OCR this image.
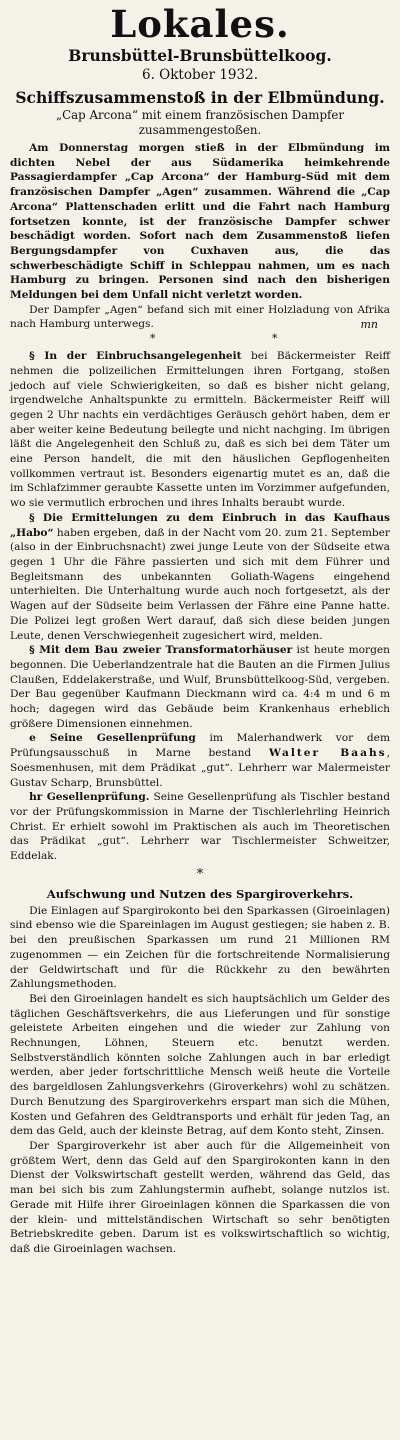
Lokales.
Brunsbüttel-Brunsbüttelkoog.
6. Oktober 1932.
Schiffszusammenstoß in der Elbmündung.
„Cap Arcona“ mit einem französischen Dampfer zusammengestoßen.

Am Donnerstag morgen stieß in der Elbmündung im dichten Nebel der aus Südamerika heimkehrende Passagierdampfer „Cap Arcona“ der Hamburg-Süd mit dem französischen Dampfer „Agen“ zusammen. Während die „Cap Arcona“ Plattenschaden erlitt und die Fahrt nach Hamburg fortsetzen konnte, ist der französische Dampfer schwer beschädigt worden. Sofort nach dem Zusammenstoß liefen Bergungsdampfer von Cuxhaven aus, die das schwerbeschädigte Schiff in Schleppau nahmen, um es nach Hamburg zu bringen. Personen sind nach den bisherigen Meldungen bei dem Unfall nicht verletzt worden.

Der Dampfer „Agen“ befand sich mit einer Holzladung von Afrika nach Hamburg unterwegs.

*	*
mn

§ In der Einbruchsangelegenheit bei Bäckermeister Reiff nehmen die polizeilichen Ermittelungen ihren Fortgang, stoßen jedoch auf viele Schwierigkeiten, so daß es bisher nicht gelang, irgendwelche Anhaltspunkte zu ermitteln. Bäckermeister Reiff will gegen 2 Uhr nachts ein verdächtiges Geräusch gehört haben, dem er aber weiter keine Bedeutung beilegte und nicht nachging. Im übrigen läßt die Angelegenheit den Schluß zu, daß es sich bei dem Täter um eine Person handelt, die mit den häuslichen Gepflogenheiten vollkommen vertraut ist. Besonders eigenartig mutet es an, daß die im Schlafzimmer geraubte Kassette unten im Vorzimmer aufgefunden, wo sie vermutlich erbrochen und ihres Inhalts beraubt wurde.

§ Die Ermittelungen zu dem Einbruch in das Kaufhaus „Habo“ haben ergeben, daß in der Nacht vom 20. zum 21. September (also in der Einbruchsnacht) zwei junge Leute von der Südseite etwa gegen 1 Uhr die Fähre passierten und sich mit dem Führer und Begleitsmann des unbekannten Goliath-Wagens eingehend unterhielten. Die Unterhaltung wurde auch noch fortgesetzt, als der Wagen auf der Südseite beim Verlassen der Fähre eine Panne hatte. Die Polizei legt großen Wert darauf, daß sich diese beiden jungen Leute, denen Verschwiegenheit zugesichert wird, melden.

§ Mit dem Bau zweier Transformatorhäuser ist heute morgen begonnen. Die Ueberlandzentrale hat die Bauten an die Firmen Julius Claußen, Eddelakerstraße, und Wulf, Brunsbüttelkoog-Süd, vergeben. Der Bau gegenüber Kaufmann Dieckmann wird ca. 4:4 m und 6 m hoch; dagegen wird das Gebäude beim Krankenhaus erheblich größere Dimensionen einnehmen.

e Seine Gesellenprüfung im Malerhandwerk vor dem Prüfungsausschuß in Marne bestand Walter Baahs, Soesmenhusen, mit dem Prädikat „gut“. Lehrherr war Malermeister Gustav Scharp, Brunsbüttel.

hr Gesellenprüfung. Seine Gesellenprüfung als Tischler bestand vor der Prüfungskommission in Marne der Tischlerlehrling Heinrich Christ. Er erhielt sowohl im Praktischen als auch im Theoretischen das Prädikat „gut“. Lehrherr war Tischlermeister Schweitzer, Eddelak.

*
Aufschwung und Nutzen des Spargiroverkehrs.

Die Einlagen auf Spargirokonto bei den Sparkassen (Giroeinlagen) sind ebenso wie die Spareinlagen im August gestiegen; sie haben z. B. bei den preußischen Sparkassen um rund 21 Millionen RM zugenommen — ein Zeichen für die fortschreitende Normalisierung der Geldwirtschaft und für die Rückkehr zu den bewährten Zahlungsmethoden.

Bei den Giroeinlagen handelt es sich hauptsächlich um Gelder des täglichen Geschäftsverkehrs, die aus Lieferungen und für sonstige geleistete Arbeiten eingehen und die wieder zur Zahlung von Rechnungen, Löhnen, Steuern etc. benutzt werden. Selbstverständlich könnten solche Zahlungen auch in bar erledigt werden, aber jeder fortschrittliche Mensch weiß heute die Vorteile des bargeldlosen Zahlungsverkehrs (Giroverkehrs) wohl zu schätzen. Durch Benutzung des Spargiroverkehrs erspart man sich die Mühen, Kosten und Gefahren des Geldtransports und erhält für jeden Tag, an dem das Geld, auch der kleinste Betrag, auf dem Konto steht, Zinsen.

Der Spargiroverkehr ist aber auch für die Allgemeinheit von größtem Wert, denn das Geld auf den Spargirokonten kann in den Dienst der Volkswirtschaft gestellt werden, während das Geld, das man bei sich bis zum Zahlungstermin aufhebt, solange nutzlos ist. Gerade mit Hilfe ihrer Giroeinlagen können die Sparkassen die von der klein- und mittelständischen Wirtschaft so sehr benötigten Betriebskredite geben. Darum ist es volkswirtschaftlich so wichtig, daß die Giroeinlagen wachsen.
